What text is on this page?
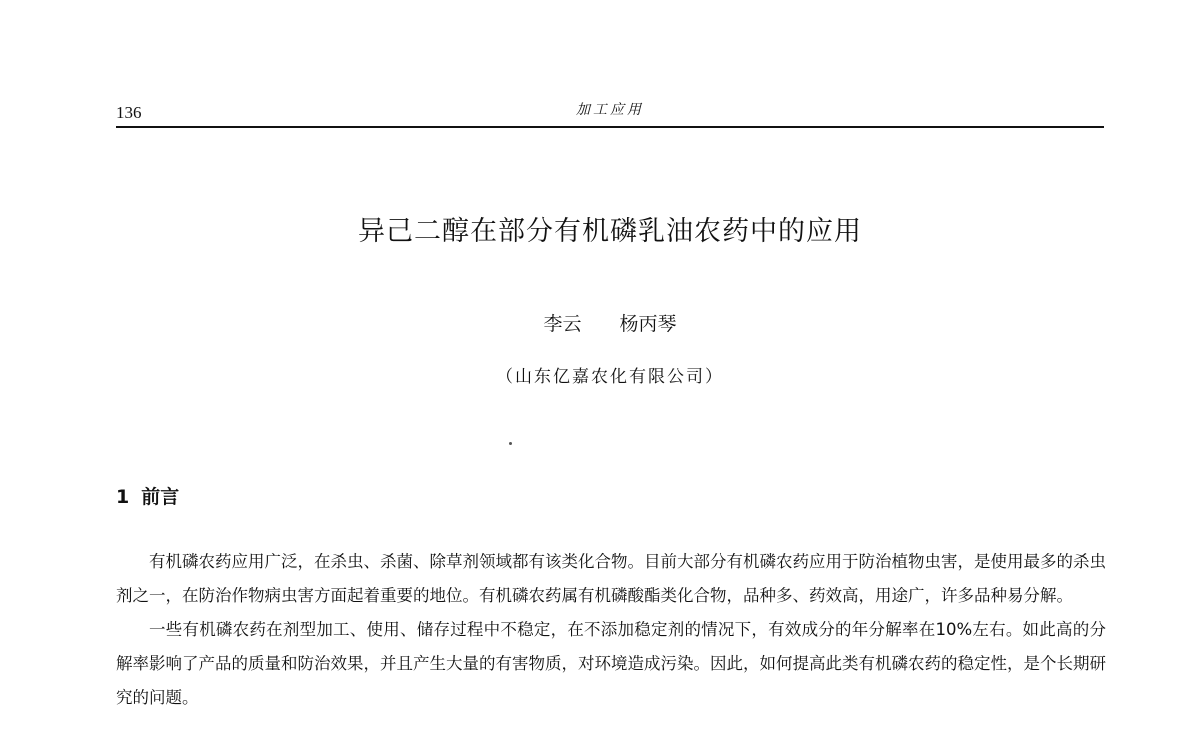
136	加工应用
异己二醇在部分有机磷乳油农药中的应用
李云 杨丙琴
（山东亿嘉农化有限公司）
1 前言

有机磷农药应用广泛，在杀虫、杀菌、除草剂领域都有该类化合物。目前大部分有机磷农药应用于防治植物虫害，是使用最多的杀虫剂之一，在防治作物病虫害方面起着重要的地位。有机磷农药属有机磷酸酯类化合物，品种多、药效高，用途广，许多品种易分解。

一些有机磷农药在剂型加工、使用、储存过程中不稳定，在不添加稳定剂的情况下，有效成分的年分解率在10%左右。如此高的分解率影响了产品的质量和防治效果，并且产生大量的有害物质，对环境造成污染。因此，如何提高此类有机磷农药的稳定性，是个长期研究的问题。
